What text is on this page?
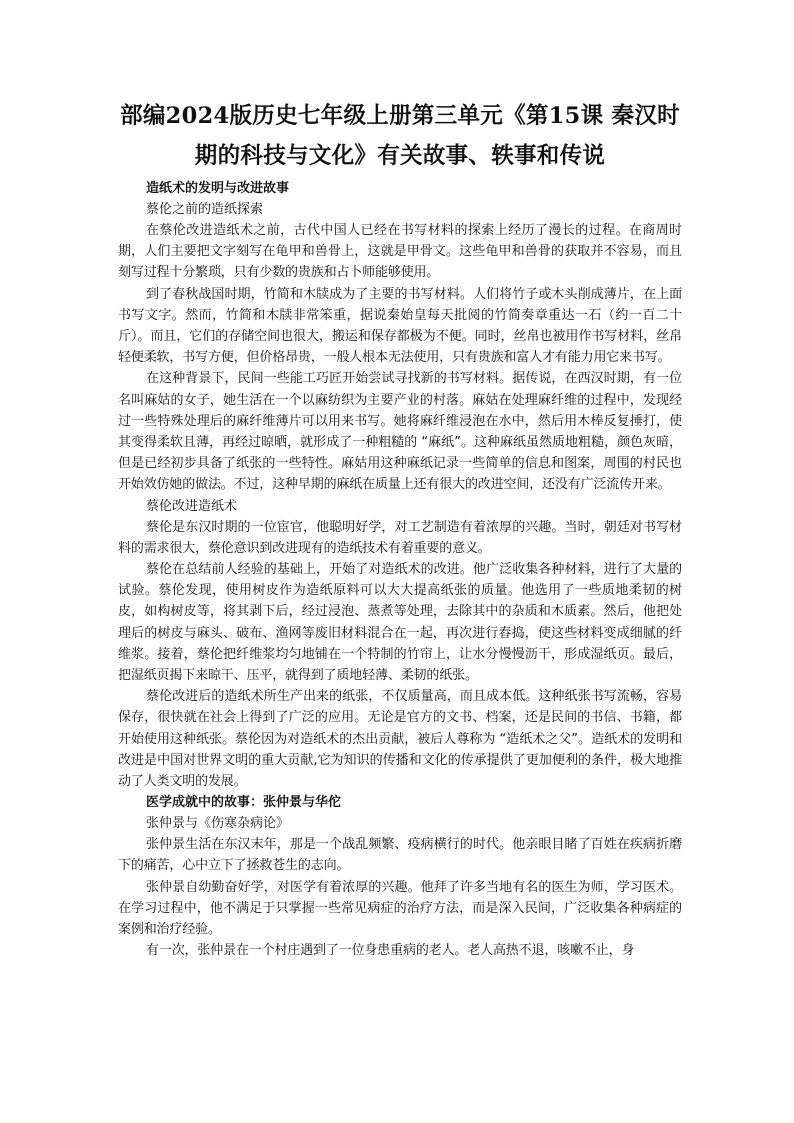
部编2024版历史七年级上册第三单元《第15课 秦汉时期的科技与文化》有关故事、轶事和传说

造纸术的发明与改进故事

蔡伦之前的造纸探索

在蔡伦改进造纸术之前，古代中国人已经在书写材料的探索上经历了漫长的过程。在商周时期，人们主要把文字刻写在龟甲和兽骨上，这就是甲骨文。这些龟甲和兽骨的获取并不容易，而且刻写过程十分繁琐，只有少数的贵族和占卜师能够使用。

到了春秋战国时期，竹简和木牍成为了主要的书写材料。人们将竹子或木头削成薄片，在上面书写文字。然而，竹简和木牍非常笨重，据说秦始皇每天批阅的竹简奏章重达一石（约一百二十斤）。而且，它们的存储空间也很大，搬运和保存都极为不便。同时，丝帛也被用作书写材料，丝帛轻便柔软，书写方便，但价格昂贵，一般人根本无法使用，只有贵族和富人才有能力用它来书写。

在这种背景下，民间一些能工巧匠开始尝试寻找新的书写材料。据传说，在西汉时期，有一位名叫麻姑的女子，她生活在一个以麻纺织为主要产业的村落。麻姑在处理麻纤维的过程中，发现经过一些特殊处理后的麻纤维薄片可以用来书写。她将麻纤维浸泡在水中，然后用木棒反复捶打，使其变得柔软且薄，再经过晾晒，就形成了一种粗糙的 “麻纸”。这种麻纸虽然质地粗糙，颜色灰暗，但是已经初步具备了纸张的一些特性。麻姑用这种麻纸记录一些简单的信息和图案，周围的村民也开始效仿她的做法。不过，这种早期的麻纸在质量上还有很大的改进空间，还没有广泛流传开来。

蔡伦改进造纸术

蔡伦是东汉时期的一位宦官，他聪明好学，对工艺制造有着浓厚的兴趣。当时，朝廷对书写材料的需求很大，蔡伦意识到改进现有的造纸技术有着重要的意义。

蔡伦在总结前人经验的基础上，开始了对造纸术的改进。他广泛收集各种材料，进行了大量的试验。蔡伦发现，使用树皮作为造纸原料可以大大提高纸张的质量。他选用了一些质地柔韧的树皮，如构树皮等，将其剥下后，经过浸泡、蒸煮等处理，去除其中的杂质和木质素。然后，他把处理后的树皮与麻头、破布、渔网等废旧材料混合在一起，再次进行舂捣，使这些材料变成细腻的纤维浆。接着，蔡伦把纤维浆均匀地铺在一个特制的竹帘上，让水分慢慢沥干，形成湿纸页。最后，把湿纸页揭下来晾干、压平，就得到了质地轻薄、柔韧的纸张。

蔡伦改进后的造纸术所生产出来的纸张，不仅质量高，而且成本低。这种纸张书写流畅，容易保存，很快就在社会上得到了广泛的应用。无论是官方的文书、档案，还是民间的书信、书籍，都开始使用这种纸张。蔡伦因为对造纸术的杰出贡献，被后人尊称为 “造纸术之父”。造纸术的发明和改进是中国对世界文明的重大贡献,它为知识的传播和文化的传承提供了更加便利的条件，极大地推动了人类文明的发展。

医学成就中的故事：张仲景与华佗

张仲景与《伤寒杂病论》

张仲景生活在东汉末年，那是一个战乱频繁、疫病横行的时代。他亲眼目睹了百姓在疾病折磨下的痛苦，心中立下了拯救苍生的志向。

张仲景自幼勤奋好学，对医学有着浓厚的兴趣。他拜了许多当地有名的医生为师，学习医术。在学习过程中，他不满足于只掌握一些常见病症的治疗方法，而是深入民间，广泛收集各种病症的案例和治疗经验。

有一次，张仲景在一个村庄遇到了一位身患重病的老人。老人高热不退，咳嗽不止，身
